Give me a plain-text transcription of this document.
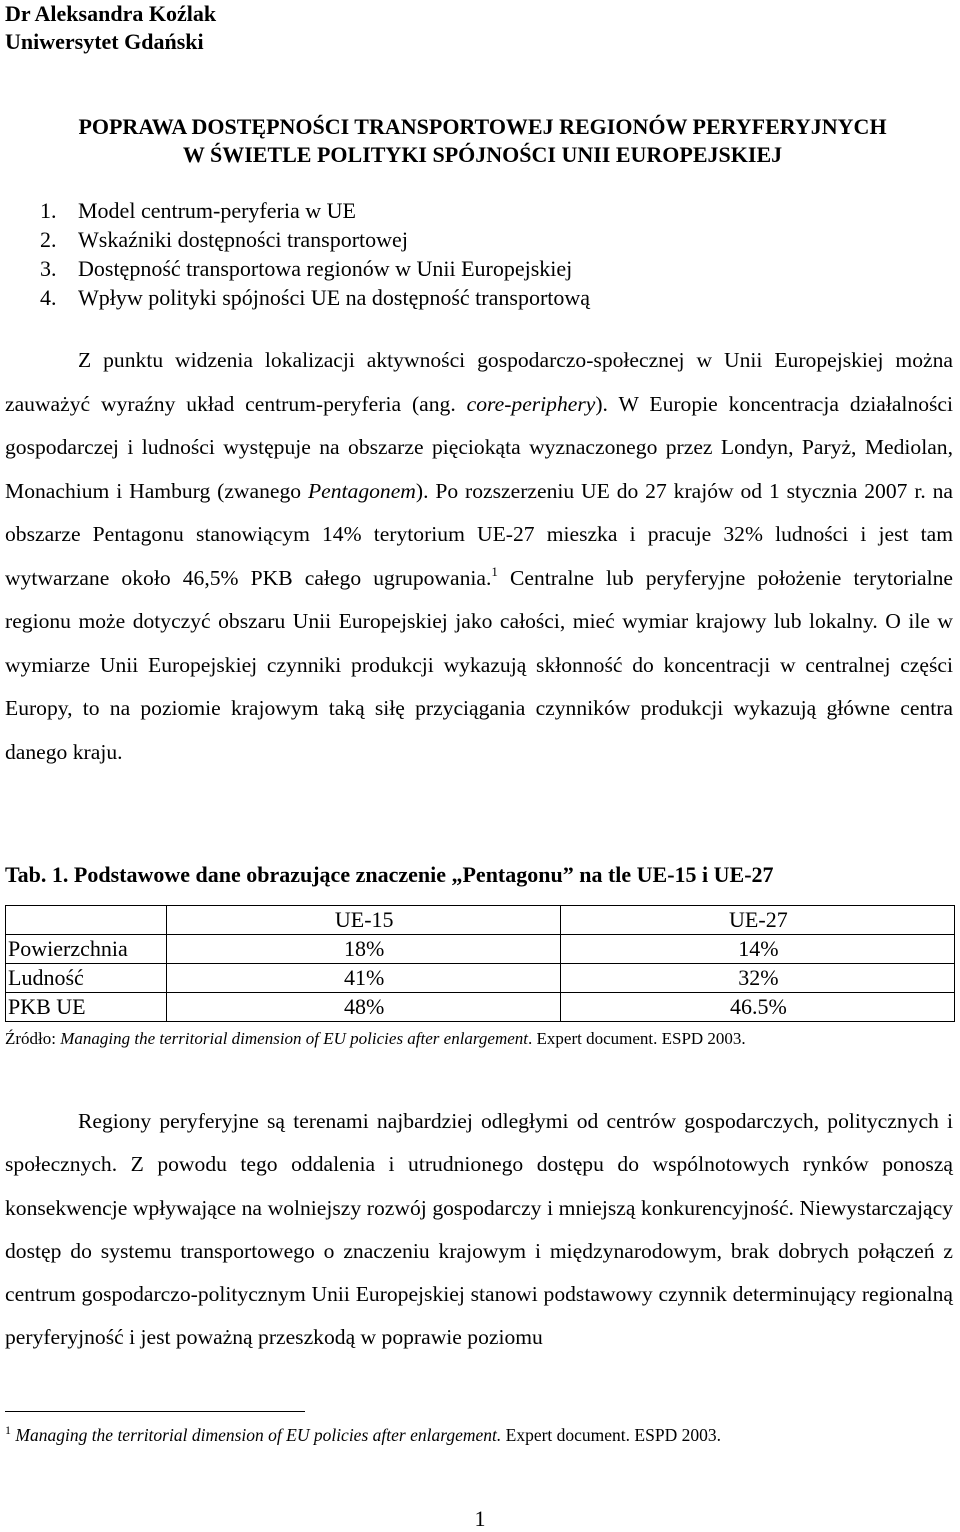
Dr Aleksandra Koźlak
Uniwersytet Gdański
POPRAWA DOSTĘPNOŚCI TRANSPORTOWEJ REGIONÓW PERYFERYJNYCH
W ŚWIETLE POLITYKI SPÓJNOŚCI UNII EUROPEJSKIEJ
1. Model centrum-peryferia w UE
2. Wskaźniki dostępności transportowej
3. Dostępność transportowa regionów w Unii Europejskiej
4. Wpływ polityki spójności UE na dostępność transportową

Z punktu widzenia lokalizacji aktywności gospodarczo-społecznej w Unii Europejskiej można zauważyć wyraźny układ centrum-peryferia (ang. core-periphery). W Europie koncentracja działalności gospodarczej i ludności występuje na obszarze pięciokąta wyznaczonego przez Londyn, Paryż, Mediolan, Monachium i Hamburg (zwanego Pentagonem). Po rozszerzeniu UE do 27 krajów od 1 stycznia 2007 r. na obszarze Pentagonu stanowiącym 14% terytorium UE-27 mieszka i pracuje 32% ludności i jest tam wytwarzane około 46,5% PKB całego ugrupowania.$^1$ Centralne lub peryferyjne położenie terytorialne regionu może dotyczyć obszaru Unii Europejskiej jako całości, mieć wymiar krajowy lub lokalny. O ile w wymiarze Unii Europejskiej czynniki produkcji wykazują skłonność do koncentracji w centralnej części Europy, to na poziomie krajowym taką siłę przyciągania czynników produkcji wykazują główne centra danego kraju.

Tab. 1. Podstawowe dane obrazujące znaczenie „Pentagonu” na tle UE-15 i UE-27
	UE-15	UE-27
Powierzchnia	18%	14%
Ludność	41%	32%
PKB UE	48%	46.5%
Źródło: Managing the territorial dimension of EU policies after enlargement. Expert document. ESPD 2003.

Regiony peryferyjne są terenami najbardziej odległymi od centrów gospodarczych, politycznych i społecznych. Z powodu tego oddalenia i utrudnionego dostępu do wspólnotowych rynków ponoszą konsekwencje wpływające na wolniejszy rozwój gospodarczy i mniejszą konkurencyjność. Niewystarczający dostęp do systemu transportowego o znaczeniu krajowym i międzynarodowym, brak dobrych połączeń z centrum gospodarczo-politycznym Unii Europejskiej stanowi podstawowy czynnik determinujący regionalną peryferyjność i jest poważną przeszkodą w poprawie poziomu

$^1$ Managing the territorial dimension of EU policies after enlargement. Expert document. ESPD 2003.
1
